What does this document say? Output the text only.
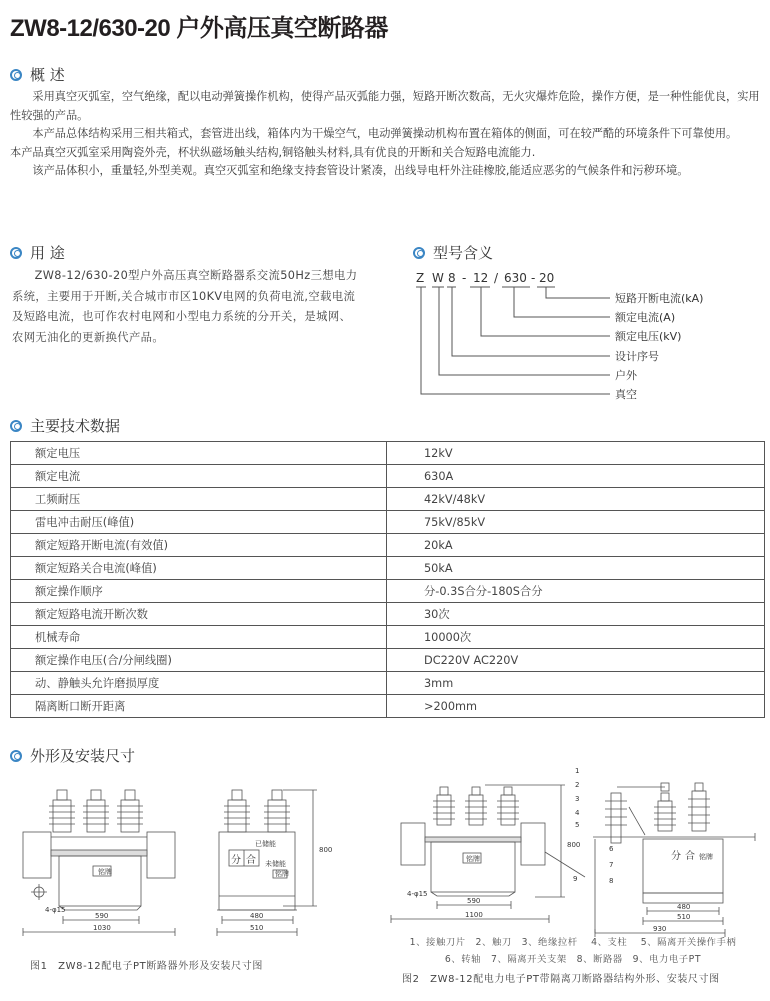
ZW8-12/630-20 户外高压真空断路器
概 述

采用真空灭弧室，空气绝缘，配以电动弹簧操作机构，使得产品灭弧能力强，短路开断次数高，无火灾爆炸危险，操作方便，是一种性能优良，实用性较强的产品。

本产品总体结构采用三相共箱式，套管进出线，箱体内为干燥空气，电动弹簧操动机构布置在箱体的侧面，可在较严酷的环境条件下可靠使用。

本产品真空灭弧室采用陶瓷外壳，杯状纵磁场触头结构,铜铬触头材料,具有优良的开断和关合短路电流能力.

该产品体积小，重量轻,外型美观。真空灭弧室和绝缘支持套管设计紧凑，出线导电杆外注硅橡胶,能适应恶劣的气候条件和污秽环境。

用 途
ZW8-12/630-20型户外高压真空断路器系交流50Hz三想电力系统，主要用于开断,关合城市市区10KV电网的负荷电流,空载电流及短路电流，也可作农村电网和小型电力系统的分开关，是城网、农网无油化的更新换代产品。
型号含义
Z W 8 - 12 / 630 - 20
短路开断电流(kA)
额定电流(A)
额定电压(kV)
设计序号
户外
真空
主要技术数据
额定电压	12kV
额定电流	630A
工频耐压	42kV/48kV
雷电冲击耐压(峰值)	75kV/85kV
额定短路开断电流(有效值)	20kA
额定短路关合电流(峰值)	50kA
额定操作顺序	分-0.3S合分-180S合分
额定短路电流开断次数	30次
机械寿命	10000次
额定操作电压(合/分闸线圈)	DC220V AC220V
动、静触头允许磨损厚度	3mm
隔离断口断开距离	>200mm
外形及安装尺寸
铭牌
4-φ15
590
1030
分 合
已储能
未储能
铭牌
480
510
800
图1　ZW8-12配电子PT断路器外形及安装尺寸图
铭牌
4-φ15
590
1100
800
分 合 铭牌
480
510
930
1
2
3
4
5
6
7
8
9
1、接触刀片　2、触刀　3、绝缘拉杆　 4、支柱　 5、隔离开关操作手柄
6、转轴　7、隔离开关支架　8、断路器　9、电力电子PT
图2　ZW8-12配电力电子PT带隔离刀断路器结构外形、安装尺寸图
